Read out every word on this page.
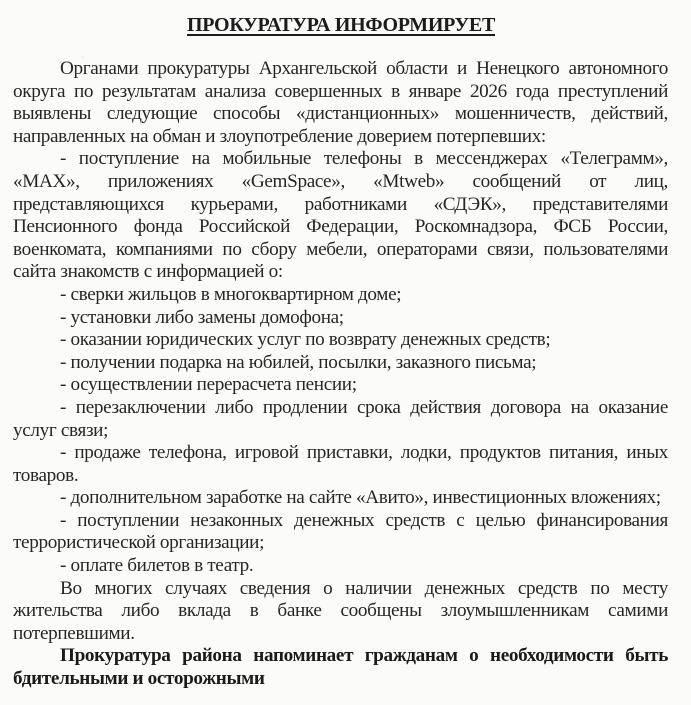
ПРОКУРАТУРА ИНФОРМИРУЕТ

Органами прокуратуры Архангельской области и Ненецкого автономного округа по результатам анализа совершенных в январе 2026 года преступлений выявлены следующие способы «дистанционных» мошенничеств, действий, направленных на обман и злоупотребление доверием потерпевших:

- поступление на мобильные телефоны в мессенджерах «Телеграмм», «MAX», приложениях «GemSpace», «Mtweb» сообщений от лиц, представляющихся курьерами, работниками «СДЭК», представителями Пенсионного фонда Российской Федерации, Роскомнадзора, ФСБ России, военкомата, компаниями по сбору мебели, операторами связи, пользователями сайта знакомств с информацией о:

- сверки жильцов в многоквартирном доме;

- установки либо замены домофона;

- оказании юридических услуг по возврату денежных средств;

- получении подарка на юбилей, посылки, заказного письма;

- осуществлении перерасчета пенсии;

- перезаключении либо продлении срока действия договора на оказание услуг связи;

- продаже телефона, игровой приставки, лодки, продуктов питания, иных товаров.

- дополнительном заработке на сайте «Авито», инвестиционных вложениях;

- поступлении незаконных денежных средств с целью финансирования террористической организации;

- оплате билетов в театр.

Во многих случаях сведения о наличии денежных средств по месту жительства либо вклада в банке сообщены злоумышленникам самими потерпевшими.

Прокуратура района напоминает гражданам о необходимости быть бдительными и осторожными
